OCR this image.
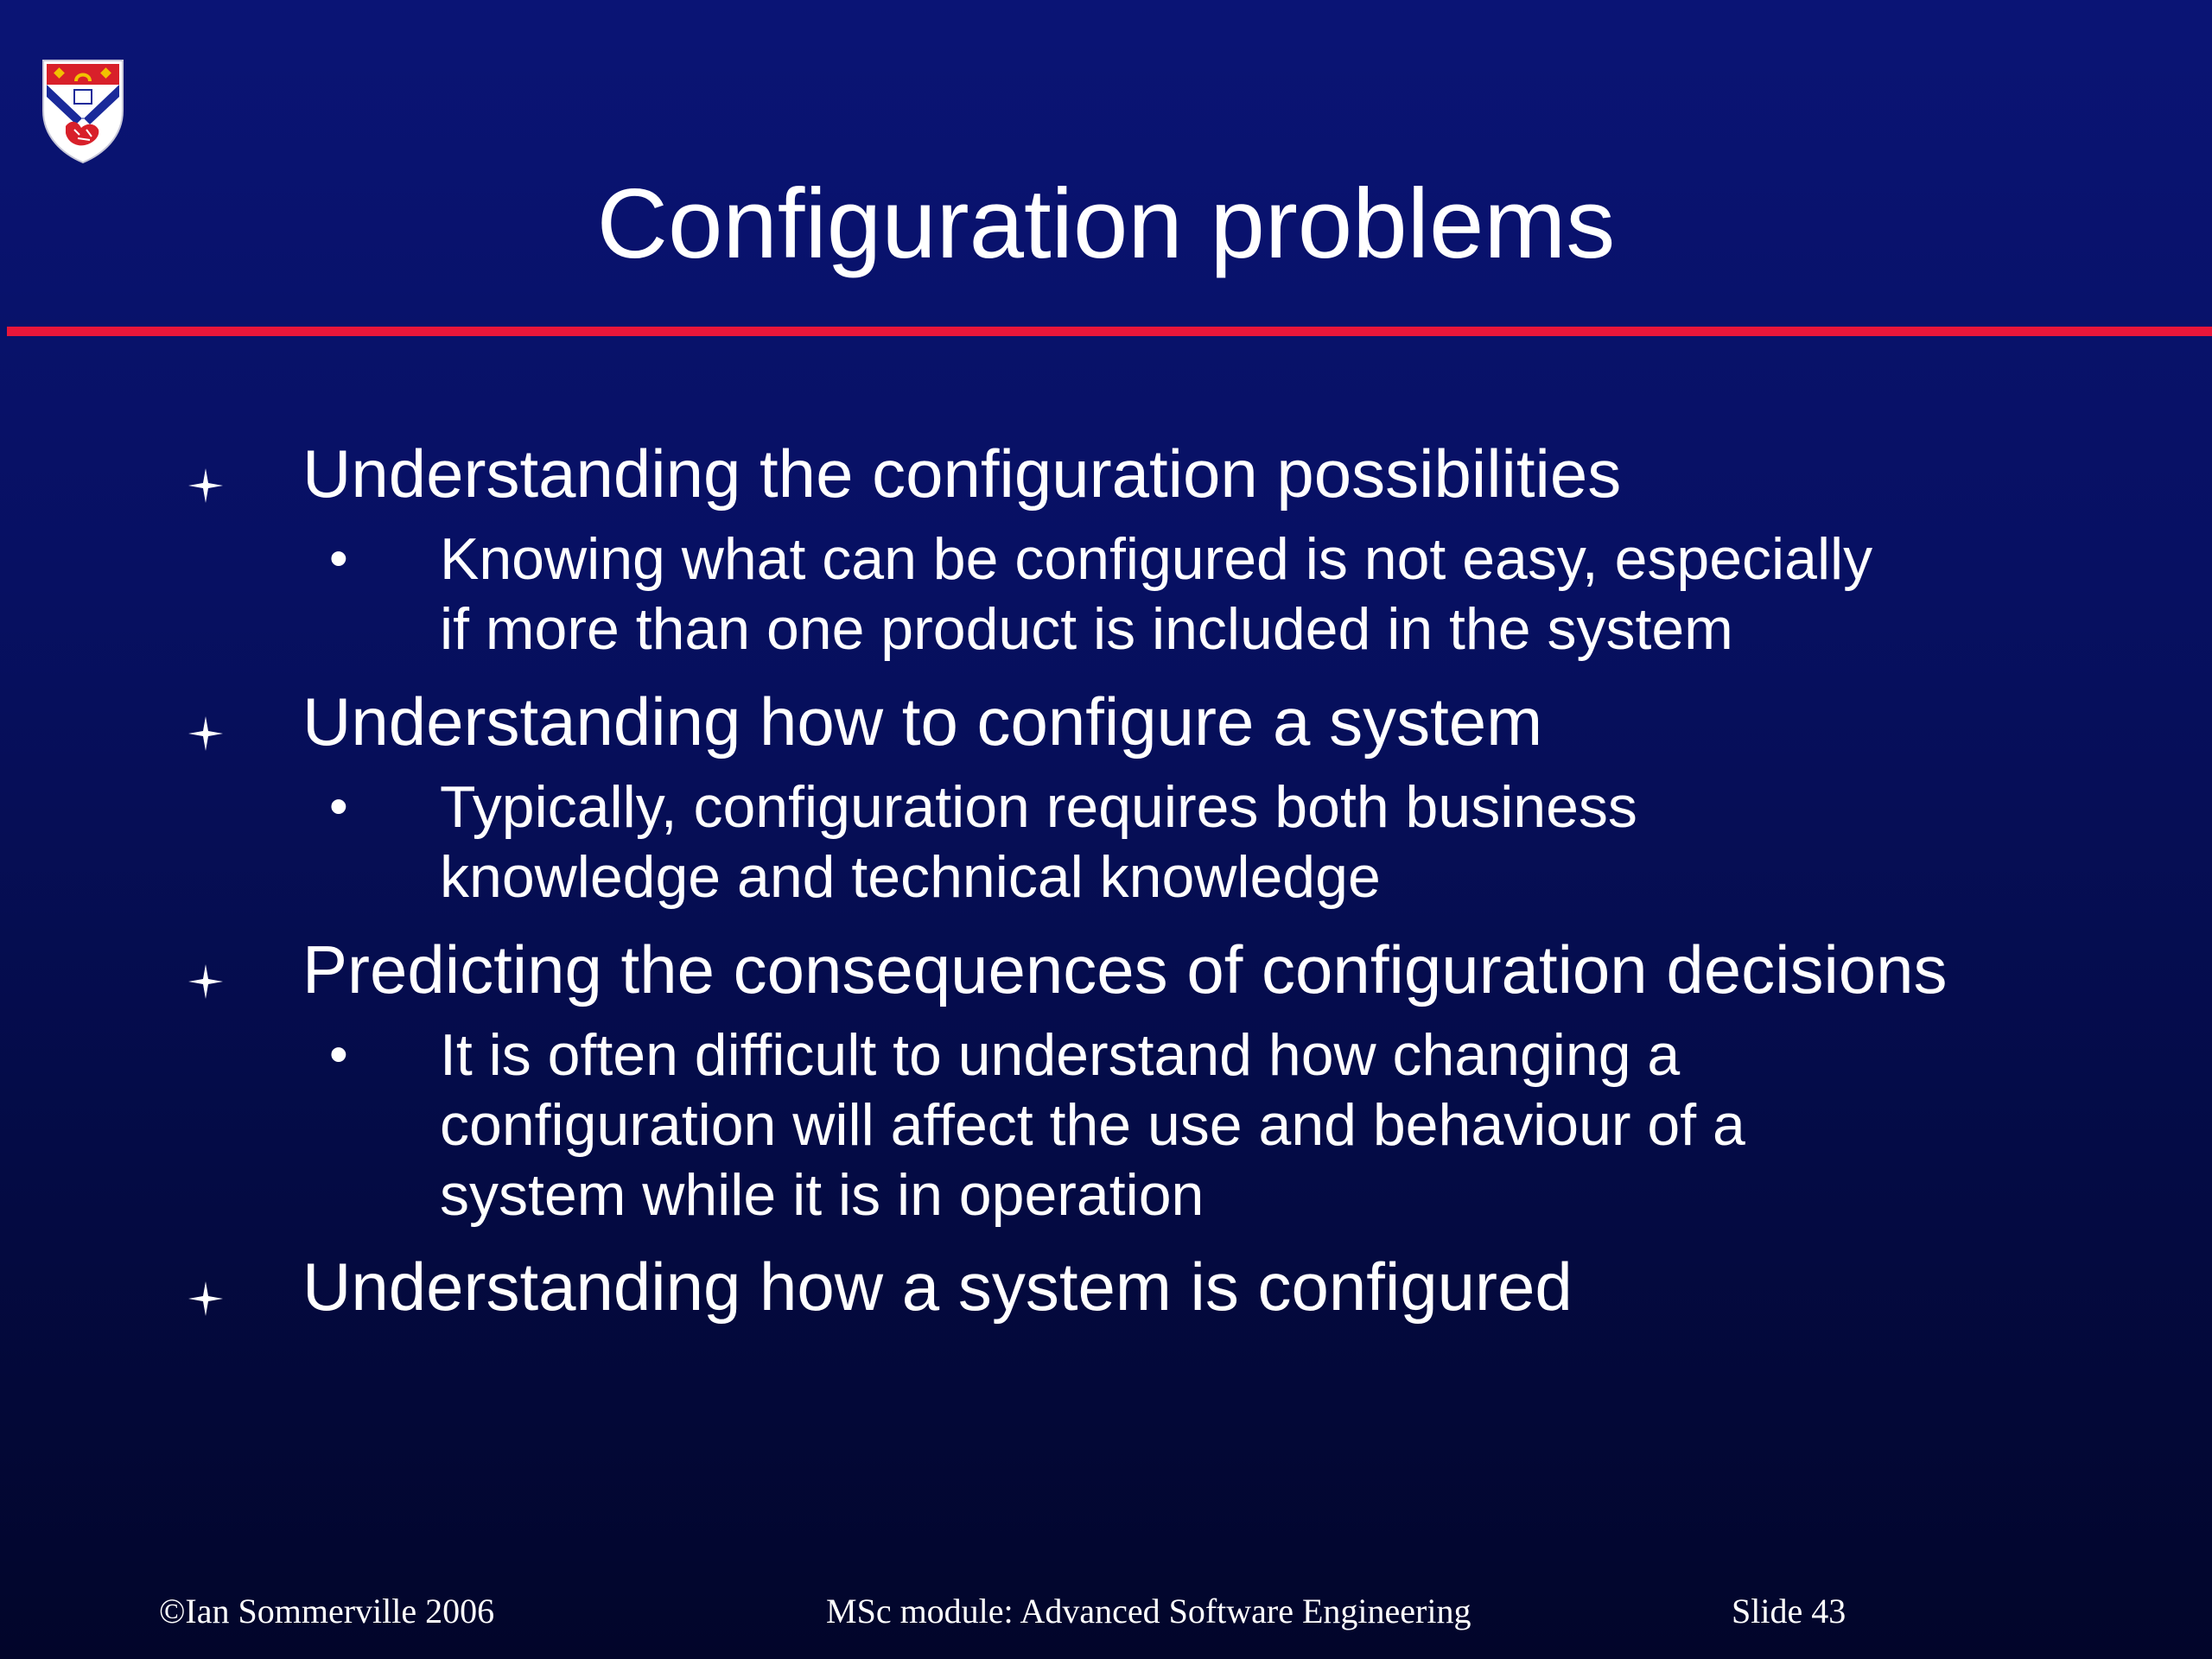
Configuration problems
Understanding the configuration possibilities
• Knowing what can be configured is not easy, especially
if more than one product is included in the system
Understanding how to configure a system
• Typically, configuration requires both business
knowledge and technical knowledge
Predicting the consequences of configuration decisions
• It is often difficult to understand how changing a
configuration will affect the use and behaviour of a
system while it is in operation
Understanding how a system is configured
©Ian Sommerville 2006	MSc module: Advanced Software Engineering	Slide 43
